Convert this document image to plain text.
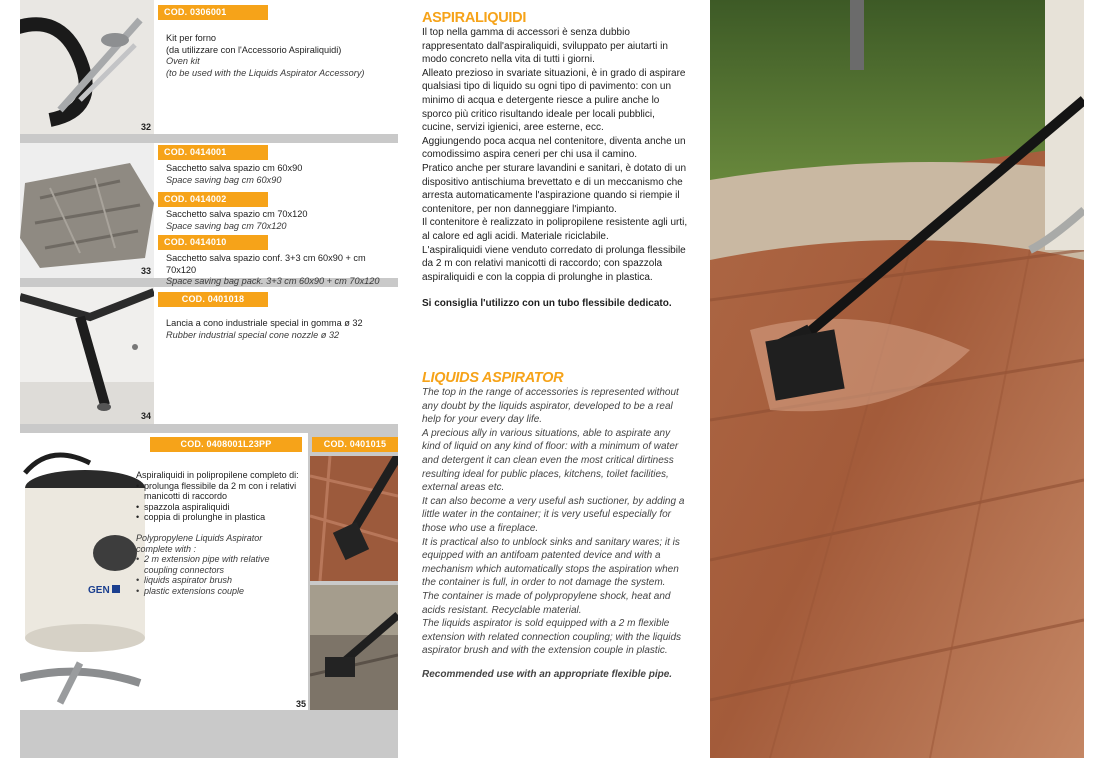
COD. 0306001
Kit per forno
(da utilizzare con l'Accessorio Aspiraliquidi)
Oven kit
(to be used with the Liquids Aspirator Accessory)
32
COD. 0414001
Sacchetto salva spazio cm 60x90
Space saving bag cm 60x90
COD. 0414002
Sacchetto salva spazio cm 70x120
Space saving bag cm 70x120
COD. 0414010
Sacchetto salva spazio conf. 3+3 cm 60x90 + cm 70x120
Space saving bag pack. 3+3 cm 60x90 + cm 70x120
33
COD. 0401018
Lancia a cono industriale special in gomma ø 32
Rubber industrial special cone nozzle ø 32
34
GEN
COD. 0408001L23PP
Aspiraliquidi in polipropilene completo di:
• prolunga flessibile da 2 m con i relativi manicotti di raccordo
• spazzola aspiraliquidi
• coppia di prolunghe in plastica
Polypropylene Liquids Aspirator complete with :
• 2 m extension pipe with relative coupling connectors
• liquids aspirator brush
• plastic extensions couple
35
COD. 0401015
ASPIRALIQUIDI

Il top nella gamma di accessori è senza dubbio rappresentato dall'aspiraliquidi, sviluppato per aiutarti in modo concreto nella vita di tutti i giorni.

Alleato prezioso in svariate situazioni, è in grado di aspirare qualsiasi tipo di liquido su ogni tipo di pavimento: con un minimo di acqua e detergente riesce a pulire anche lo sporco più critico risultando ideale per locali pubblici, cucine, servizi igienici, aree esterne, ecc.

Aggiungendo poca acqua nel contenitore, diventa anche un comodissimo aspira ceneri per chi usa il camino.

Pratico anche per sturare lavandini e sanitari, è dotato di un dispositivo antischiuma brevettato e di un meccanismo che arresta automaticamente l'aspirazione quando si riempie il contenitore, per non danneggiare l'impianto.

Il contenitore è realizzato in polipropilene resistente agli urti, al calore ed agli acidi. Materiale riciclabile.

L'aspiraliquidi viene venduto corredato di prolunga flessibile da 2 m con relativi manicotti di raccordo; con spazzola aspiraliquidi e con la coppia di prolunghe in plastica.

Si consiglia l'utilizzo con un tubo flessibile dedicato.

LIQUIDS ASPIRATOR

The top in the range of accessories is represented without any doubt by the liquids aspirator, developed to be a real help for your every day life.

A precious ally in various situations, able to aspirate any kind of liquid on any kind of floor: with a minimum of water and detergent it can clean even the most critical dirtiness resulting ideal for public places, kitchens, toilet facilities, external areas etc.

It can also become a very useful ash suctioner, by adding a little water in the container; it is very useful especially for those who use a fireplace.

It is practical also to unblock sinks and sanitary wares; it is equipped with an antifoam patented device and with a mechanism which automatically stops the aspiration when the container is full, in order to not damage the system.

The container is made of polypropylene shock, heat and acids resistant. Recyclable material.

The liquids aspirator is sold equipped with a 2 m flexible extension with related connection coupling; with the liquids aspirator brush and with the extension couple in plastic.

Recommended use with an appropriate flexible pipe.
